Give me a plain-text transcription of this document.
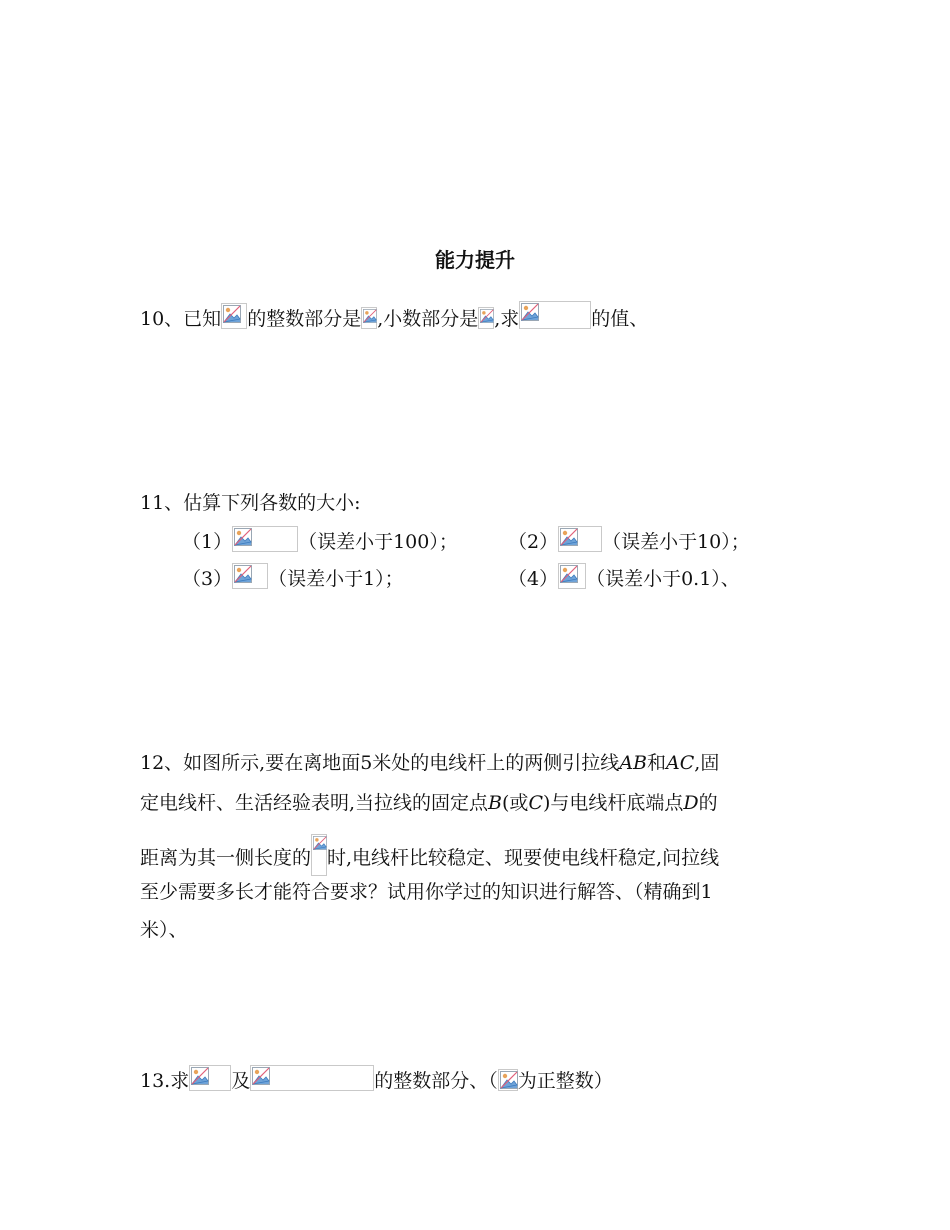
能力提升
10、已知 的整数部分是 ,小数部分是 ,求	的值、
11、估算下列各数的大小:
（1）	（误差小于100）；	（2） （误差小于10）；
（3） （误差小于1）；	（4） （误差小于0.1）、
12、如图所示,要在离地面5米处的电线杆上的两侧引拉线AB和AC,固
定电线杆、生活经验表明,当拉线的固定点B(或C)与电线杆底端点D的
距离为其一侧长度的 时,电线杆比较稳定、现要使电线杆稳定,问拉线
至少需要多长才能符合要求？试用你学过的知识进行解答、（精确到1
米）、
13.求 及	的整数部分、（ 为正整数）
